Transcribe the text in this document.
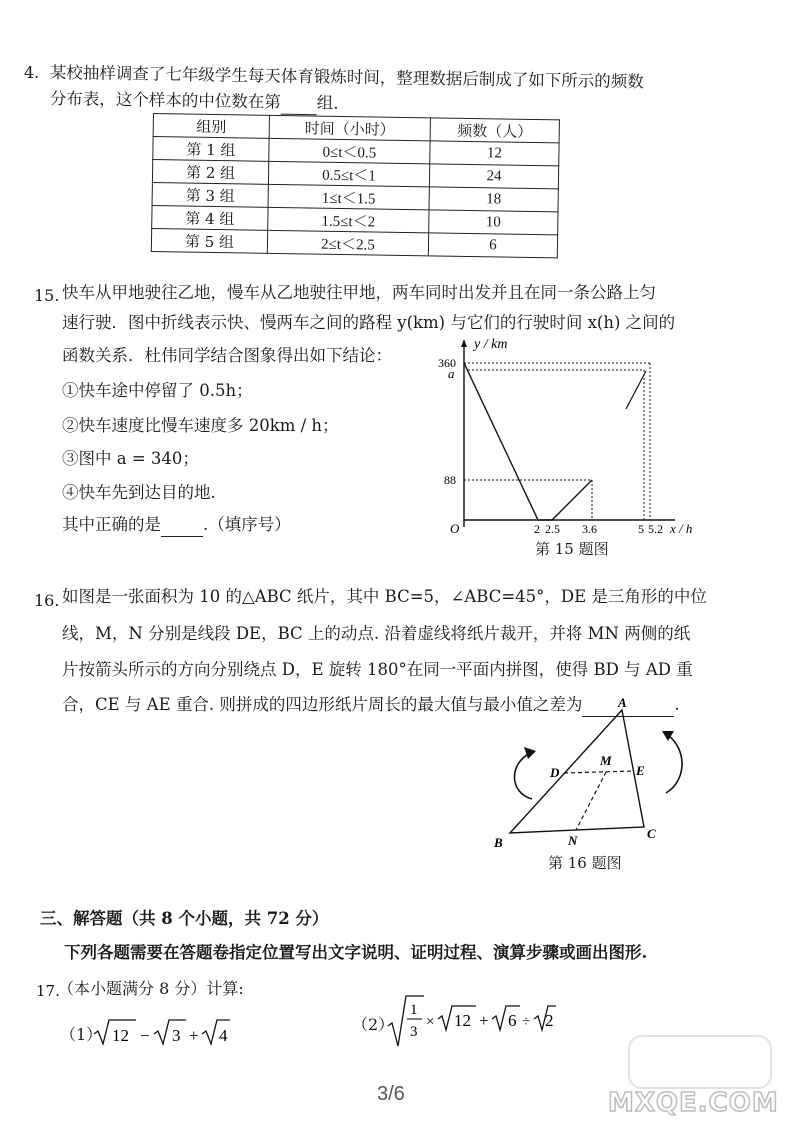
4. 某校抽样调查了七年级学生每天体育锻炼时间，整理数据后制成了如下所示的频数
分布表，这个样本的中位数在第 组.
组别	时间（小时）	频数（人）
第 1 组	0≤t＜0.5	12
第 2 组	0.5≤t＜1	24
第 3 组	1≤t＜1.5	18
第 4 组	1.5≤t＜2	10
第 5 组	2≤t＜2.5	6
15. 快车从甲地驶往乙地，慢车从乙地驶往甲地，两车同时出发并且在同一条公路上匀
速行驶．图中折线表示快、慢两车之间的路程 y(km) 与它们的行驶时间 x(h) 之间的
函数关系．杜伟同学结合图象得出如下结论：
①快车途中停留了 0.5h；
②快车速度比慢车速度多 20km / h；
③图中 a = 340；
④快车先到达目的地.
其中正确的是	.（填序号）
y / km
360
a
88
O	2 2.5 3.6	5 5.2 x / h
第 15 题图
16. 如图是一张面积为 10 的△ABC 纸片，其中 BC=5，∠ABC=45°，DE 是三角形的中位
线，M，N 分别是线段 DE，BC 上的动点. 沿着虚线将纸片裁开，并将 MN 两侧的纸
片按箭头所示的方向分别绕点 D，E 旋转 180°在同一平面内拼图，使得 BD 与 AD 重
合，CE 与 AE 重合. 则拼成的四边形纸片周长的最大值与最小值之差为	.
A
B
C
D	E
M
N
第 16 题图
三、解答题（共 8 个小题，共 72 分）
下列各题需要在答题卷指定位置写出文字说明、证明过程、演算步骤或画出图形.
17.
（本小题满分 8 分）计算:
（1） 12 − 3 + 4
（2）
1
3
× 12 + 6 ÷ 2
3/6	MXQE.COM
